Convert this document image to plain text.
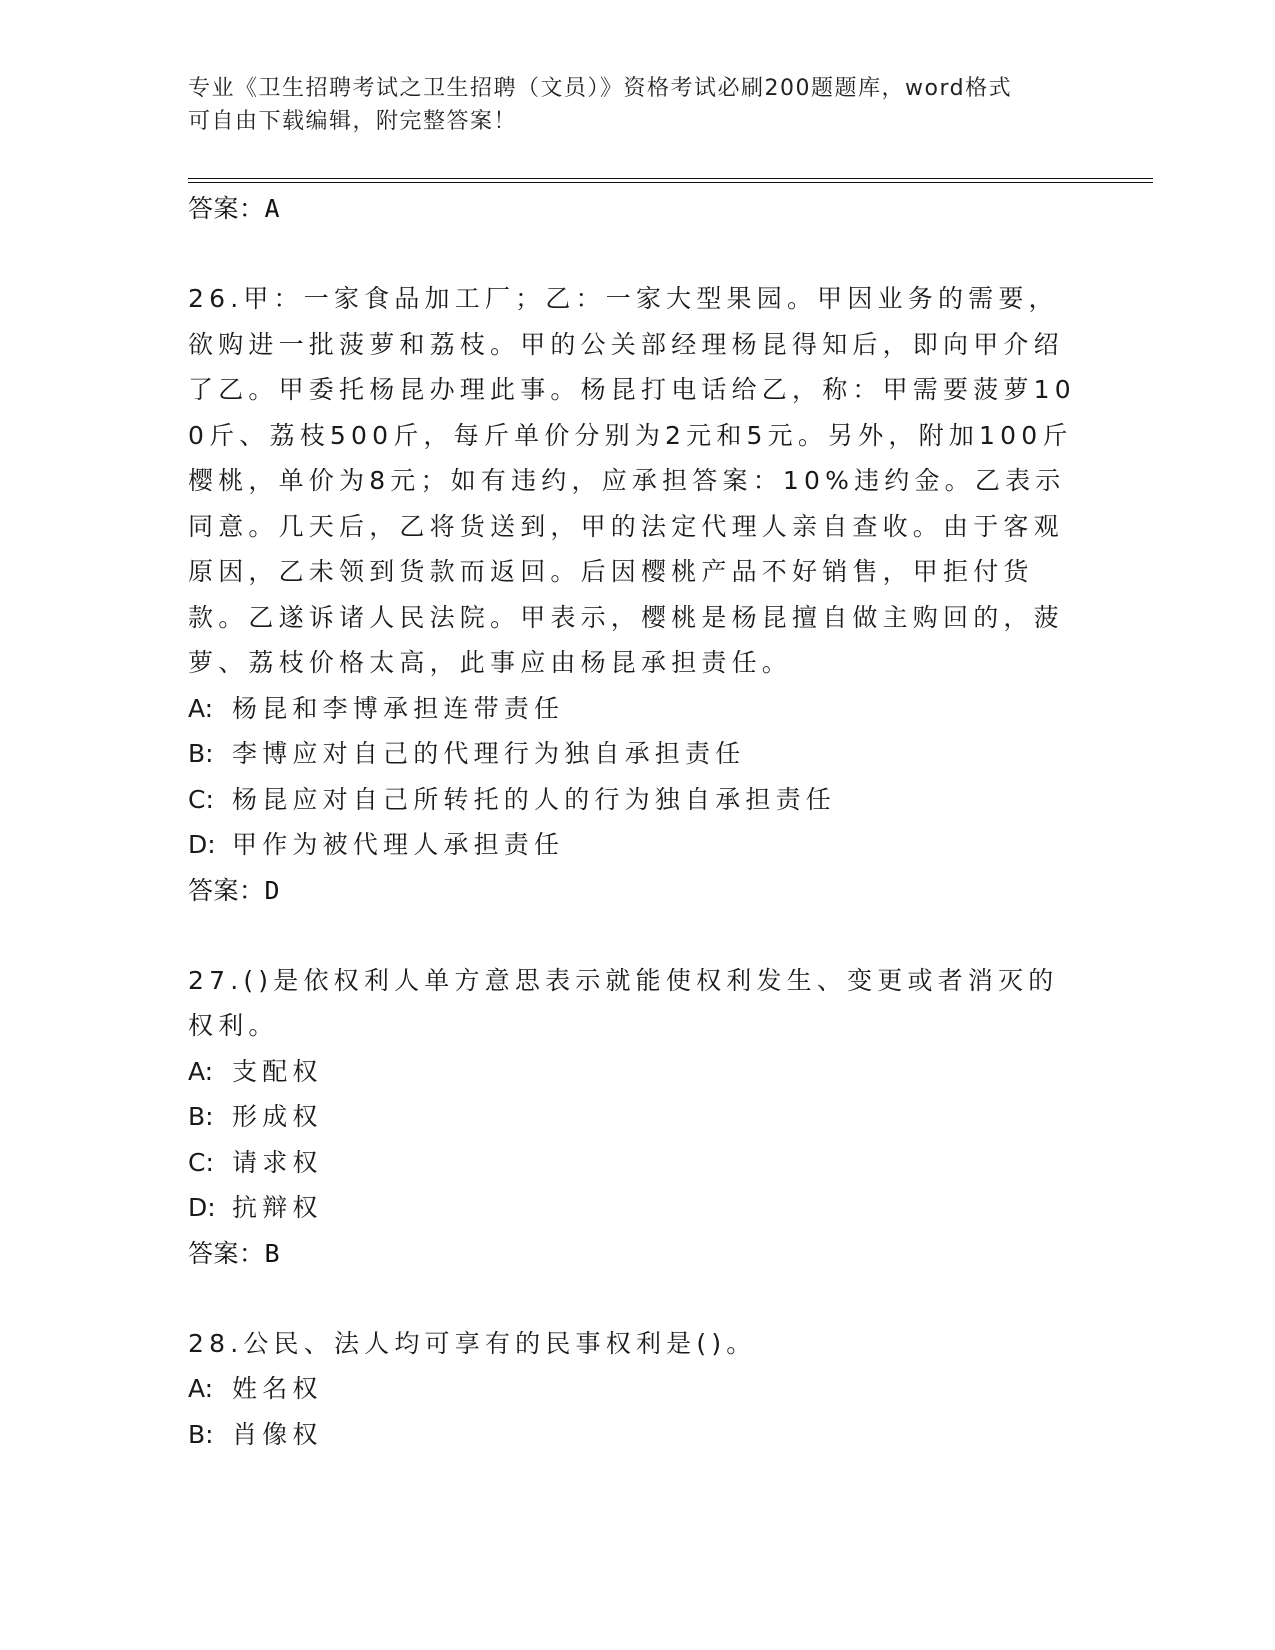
专业《卫生招聘考试之卫生招聘（文员）》资格考试必刷200题题库，word格式
可自由下载编辑，附完整答案！
答案：A
26.甲：一家食品加工厂；乙：一家大型果园。甲因业务的需要，欲购进一批菠萝和荔枝。甲的公关部经理杨昆得知后，即向甲介绍了乙。甲委托杨昆办理此事。杨昆打电话给乙，称：甲需要菠萝100斤、荔枝500斤，每斤单价分别为2元和5元。另外，附加100斤樱桃，单价为8元；如有违约，应承担答案：10%违约金。乙表示同意。几天后，乙将货送到，甲的法定代理人亲自查收。由于客观原因，乙未领到货款而返回。后因樱桃产品不好销售，甲拒付货款。乙遂诉诸人民法院。甲表示，樱桃是杨昆擅自做主购回的，菠萝、荔枝价格太高，此事应由杨昆承担责任。
A: 杨昆和李博承担连带责任
B: 李博应对自己的代理行为独自承担责任
C: 杨昆应对自己所转托的人的行为独自承担责任
D: 甲作为被代理人承担责任
答案：D
27.()是依权利人单方意思表示就能使权利发生、变更或者消灭的权利。
A: 支配权
B: 形成权
C: 请求权
D: 抗辩权
答案：B
28.公民、法人均可享有的民事权利是()。
A: 姓名权
B: 肖像权
